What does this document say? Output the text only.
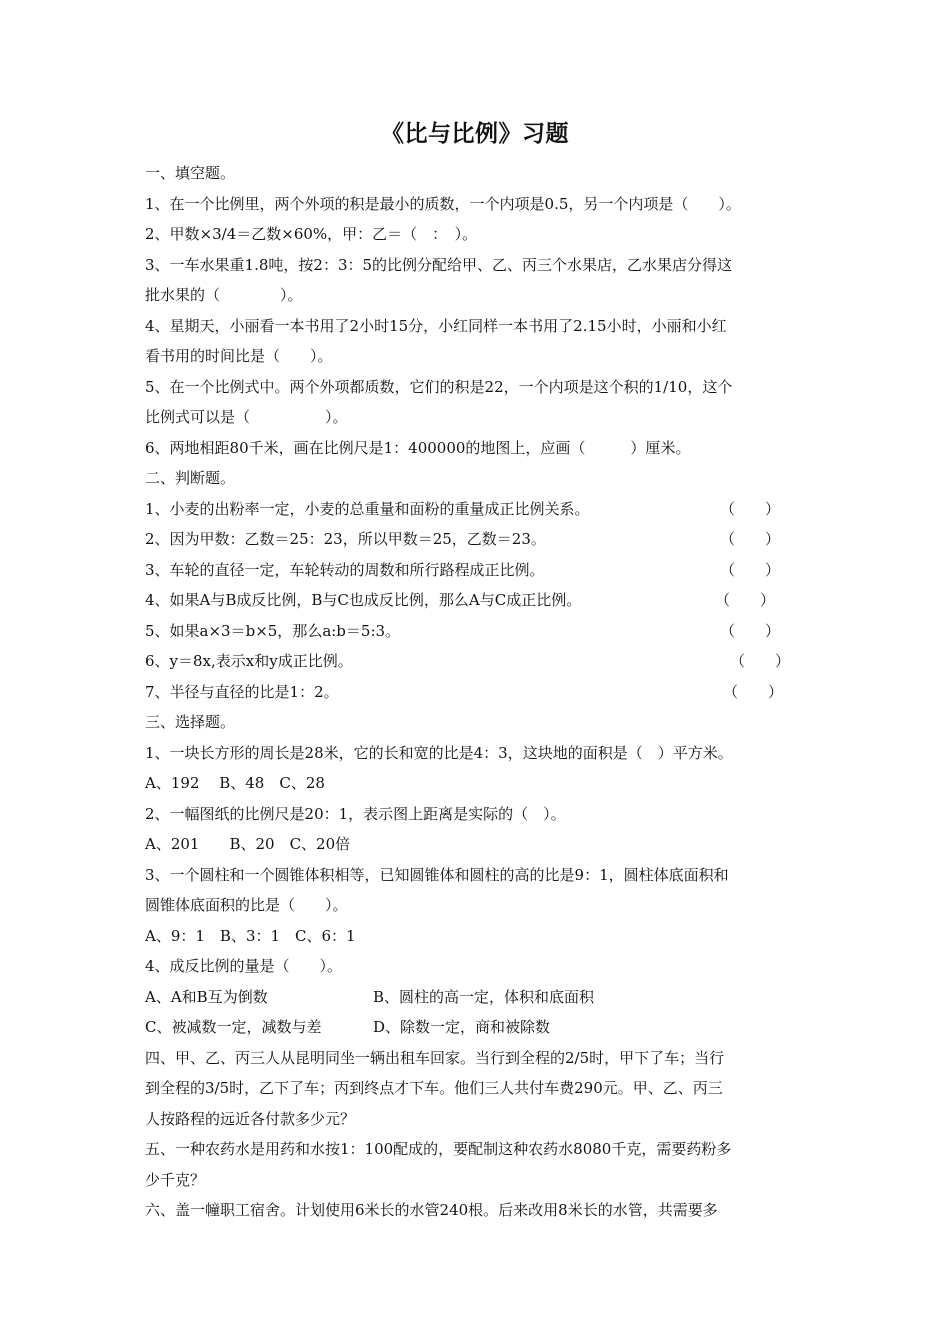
《比与比例》习题
一、填空题。
1、在一个比例里，两个外项的积是最小的质数，一个内项是0.5，另一个内项是（　　）。
2、甲数×3/4＝乙数×60%，甲：乙＝（　：　）。
3、一车水果重1.8吨，按2：3：5的比例分配给甲、乙、丙三个水果店，乙水果店分得这
批水果的（　　　　）。
4、星期天，小丽看一本书用了2小时15分，小红同样一本书用了2.15小时，小丽和小红
看书用的时间比是（　　）。
5、在一个比例式中。两个外项都质数，它们的积是22，一个内项是这个积的1/10，这个
比例式可以是（　　　　　）。
6、两地相距80千米，画在比例尺是1：400000的地图上，应画（　　　）厘米。
二、判断题。
1、小麦的出粉率一定，小麦的总重量和面粉的重量成正比例关系。	（　　）
2、因为甲数：乙数＝25：23，所以甲数＝25，乙数＝23。	（　　）
3、车轮的直径一定，车轮转动的周数和所行路程成正比例。	（　　）
4、如果A与B成反比例，B与C也成反比例，那么A与C成正比例。	（　　）
5、如果a×3＝b×5，那么a:b＝5:3。	（　　）
6、y＝8x,表示x和y成正比例。	（　　）
7、半径与直径的比是1：2。	（　　）
三、选择题。
1、一块长方形的周长是28米，它的长和宽的比是4：3，这块地的面积是（　）平方米。
A、192　 B、48　C、28
2、一幅图纸的比例尺是20：1，表示图上距离是实际的（　）。
A、201　　B、20　C、20倍
3、一个圆柱和一个圆锥体积相等，已知圆锥体和圆柱的高的比是9：1，圆柱体底面积和
圆锥体底面积的比是（　　）。
A、9：1　B、3：1　C、6：1
4、成反比例的量是（　　）。
A、A和B互为倒数	B、圆柱的高一定，体积和底面积
C、被减数一定，减数与差	D、除数一定，商和被除数
四、甲、乙、丙三人从昆明同坐一辆出租车回家。当行到全程的2/5时，甲下了车；当行
到全程的3/5时，乙下了车；丙到终点才下车。他们三人共付车费290元。甲、乙、丙三
人按路程的远近各付款多少元？
五、一种农药水是用药和水按1：100配成的，要配制这种农药水8080千克，需要药粉多
少千克？
六、盖一幢职工宿舍。计划使用6米长的水管240根。后来改用8米长的水管，共需要多
